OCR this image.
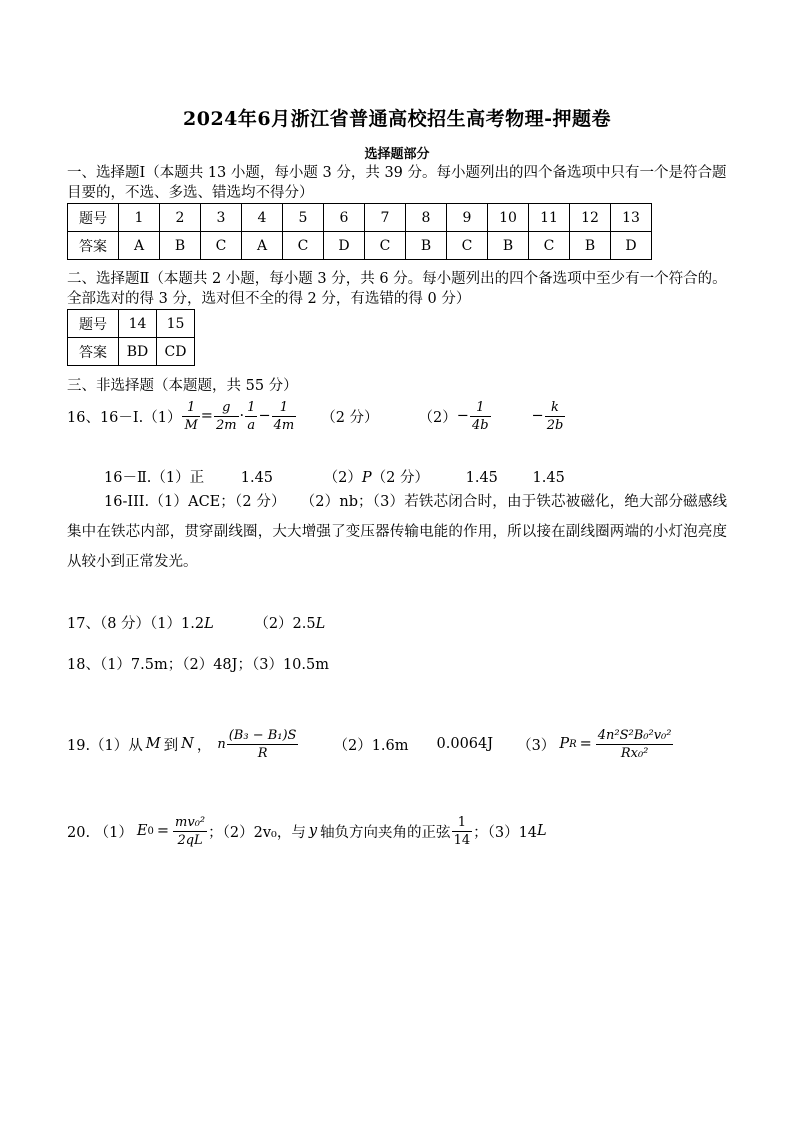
2024年6月浙江省普通高校招生高考物理-押题卷
选择题部分
一、选择题Ⅰ（本题共 13 小题，每小题 3 分，共 39 分。每小题列出的四个备选项中只有一个是符合题目要的，不选、多选、错选均不得分）
题号	1	2	3	4	5	6	7	8	9	10	11	12	13
答案	A	B	C	A	C	D	C	B	C	B	C	B	D
二、选择题Ⅱ（本题共 2 小题，每小题 3 分，共 6 分。每小题列出的四个备选项中至少有一个符合的。全部选对的得 3 分，选对但不全的得 2 分，有选错的得 0 分）
题号	14	15
答案	BD	CD
三、非选择题（本题题，共 55 分）
16、16－Ⅰ.（1） $\frac{1}{M} = \frac{g}{2m} \cdot \frac{1}{a} - \frac{1}{4m} (2$ 分）	$(2) - \frac{1}{4b}$	− $\frac{k}{2b}$
16－Ⅱ.（1）正	1.45	（2）P（2 分）	1.45 1.45
16-III.（1）ACE；（2 分）　　（2）nb；（3）若铁芯闭合时，由于铁芯被磁化，绝大部分磁感线集中在铁芯内部，贯穿副线圈，大大增强了变压器传输电能的作用，所以接在副线圈两端的小灯泡亮度从较小到正常发光。
17、（8 分）（1）1.2L	（2）2.5L
18、（1）7.5m；（2）48J；（3）10.5m
19.（1）从 M 到 N ， n $\frac{\text{(B₃ − B₁)S}}{R} (2)1.6m$ 0.0064J （3） P $R = \frac{\text{4n²S²B₀²v₀²}}{\text{Rx₀²}}$
20. （1） E $0 = \frac{\text{mv₀²}}{2qL}$ ；（2）2v₀，与 y 轴负方向夹角的正弦 $\frac{1}{14}$ ；（3）14 L
